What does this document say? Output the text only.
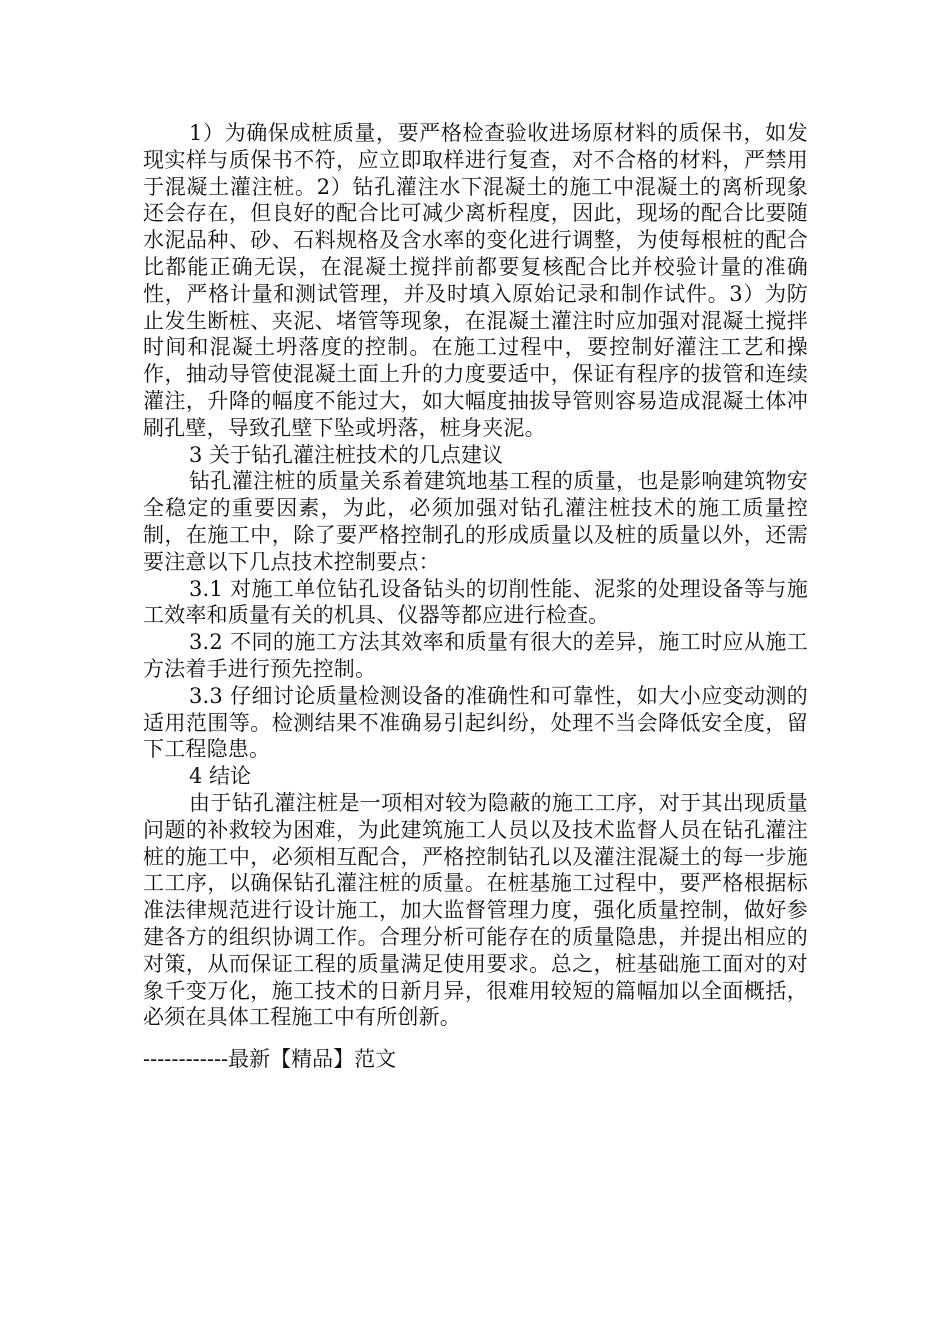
1）为确保成桩质量，要严格检查验收进场原材料的质保书，如发现实样与质保书不符，应立即取样进行复查，对不合格的材料，严禁用于混凝土灌注桩。2）钻孔灌注水下混凝土的施工中混凝土的离析现象还会存在，但良好的配合比可减少离析程度，因此，现场的配合比要随水泥品种、砂、石料规格及含水率的变化进行调整，为使每根桩的配合比都能正确无误，在混凝土搅拌前都要复核配合比并校验计量的准确性，严格计量和测试管理，并及时填入原始记录和制作试件。3）为防止发生断桩、夹泥、堵管等现象，在混凝土灌注时应加强对混凝土搅拌时间和混凝土坍落度的控制。在施工过程中，要控制好灌注工艺和操作，抽动导管使混凝土面上升的力度要适中，保证有程序的拔管和连续灌注，升降的幅度不能过大，如大幅度抽拔导管则容易造成混凝土体冲刷孔壁，导致孔壁下坠或坍落，桩身夹泥。

3 关于钻孔灌注桩技术的几点建议

钻孔灌注桩的质量关系着建筑地基工程的质量，也是影响建筑物安全稳定的重要因素，为此，必须加强对钻孔灌注桩技术的施工质量控制，在施工中，除了要严格控制孔的形成质量以及桩的质量以外，还需要注意以下几点技术控制要点：

3.1 对施工单位钻孔设备钻头的切削性能、泥浆的处理设备等与施工效率和质量有关的机具、仪器等都应进行检查。

3.2 不同的施工方法其效率和质量有很大的差异，施工时应从施工方法着手进行预先控制。

3.3 仔细讨论质量检测设备的准确性和可靠性，如大小应变动测的适用范围等。检测结果不准确易引起纠纷，处理不当会降低安全度，留下工程隐患。

4 结论

由于钻孔灌注桩是一项相对较为隐蔽的施工工序，对于其出现质量问题的补救较为困难，为此建筑施工人员以及技术监督人员在钻孔灌注桩的施工中，必须相互配合，严格控制钻孔以及灌注混凝土的每一步施工工序，以确保钻孔灌注桩的质量。在桩基施工过程中，要严格根据标准法律规范进行设计施工，加大监督管理力度，强化质量控制，做好参建各方的组织协调工作。合理分析可能存在的质量隐患，并提出相应的对策，从而保证工程的质量满足使用要求。总之，桩基础施工面对的对象千变万化，施工技术的日新月异，很难用较短的篇幅加以全面概括，必须在具体工程施工中有所创新。

------------最新【精品】范文
